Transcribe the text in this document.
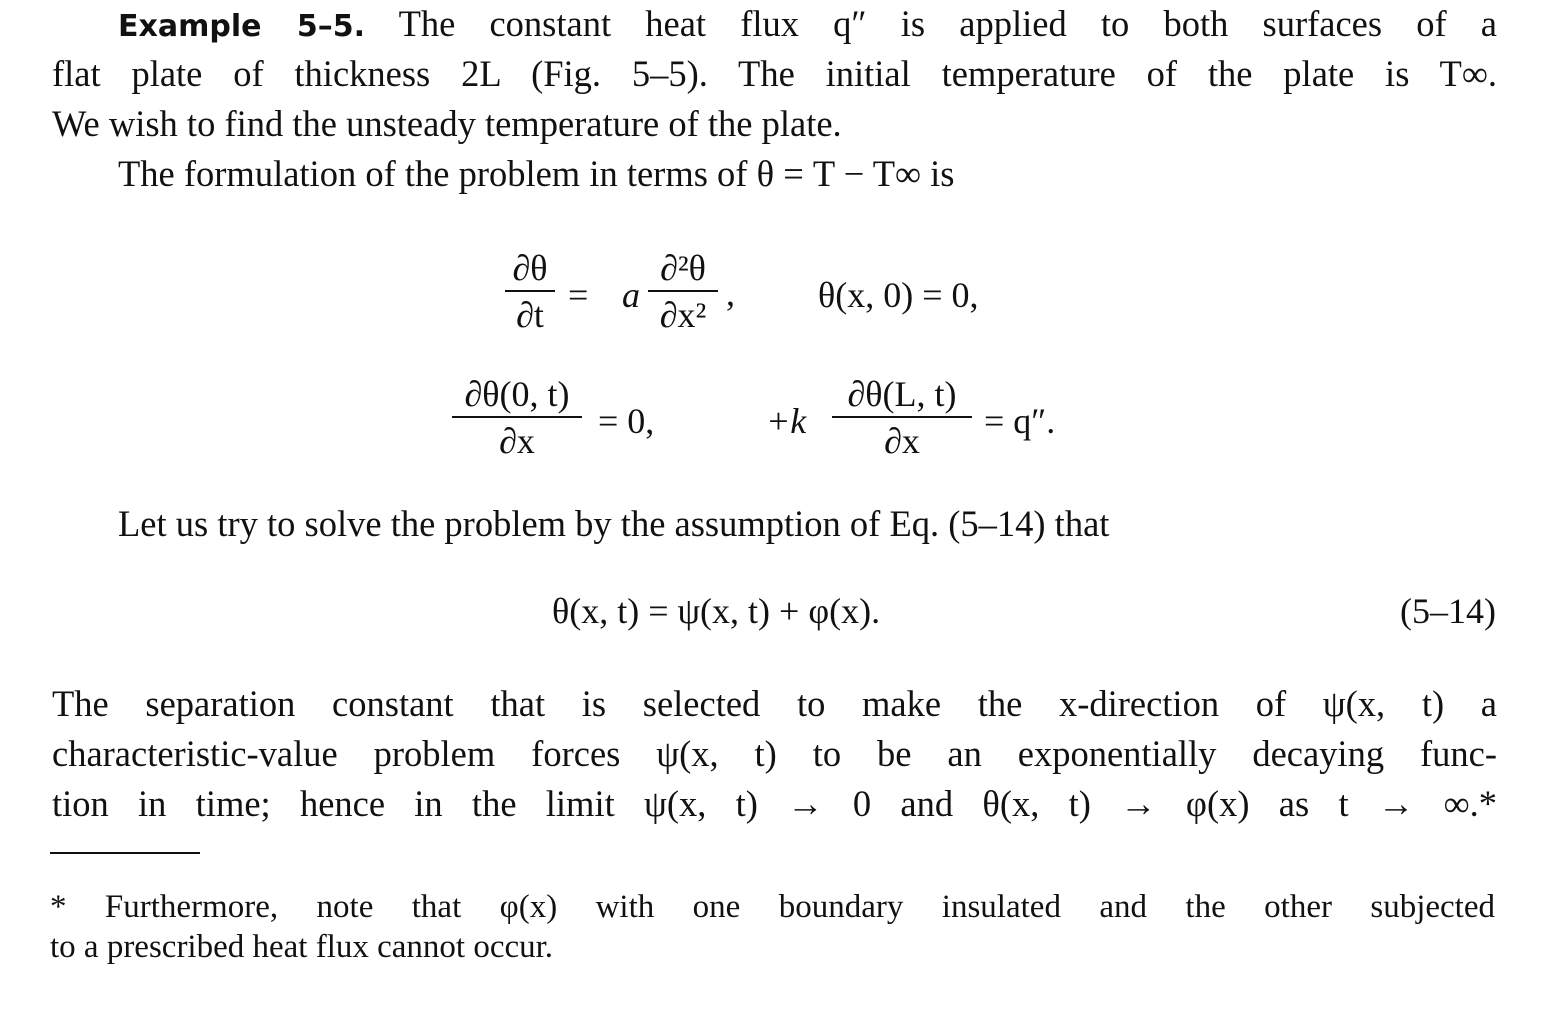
Example 5–5. The constant heat flux q″ is applied to both surfaces of a
flat plate of thickness 2L (Fig. 5–5). The initial temperature of the plate is T∞.
We wish to find the unsteady temperature of the plate.
The formulation of the problem in terms of θ = T − T∞ is
$\frac{\partial\theta}{\partial t} = a \frac{\text{∂²θ}}{\text{∂x²}}$ , θ(x, 0) = 0,
$\frac{\partial\theta(0, t)}{\partial x} = 0$,	$+k \frac{\partial\theta(L, t)}{\partial x} = q''$.
Let us try to solve the problem by the assumption of Eq. (5–14) that
θ(x, t) = ψ(x, t) + φ(x).	(5–14)
The separation constant that is selected to make the x-direction of ψ(x, t) a
characteristic-value problem forces ψ(x, t) to be an exponentially decaying func-
tion in time; hence in the limit ψ(x, t) → 0 and θ(x, t) → φ(x) as t → ∞.*
* Furthermore, note that φ(x) with one boundary insulated and the other subjected
to a prescribed heat flux cannot occur.
